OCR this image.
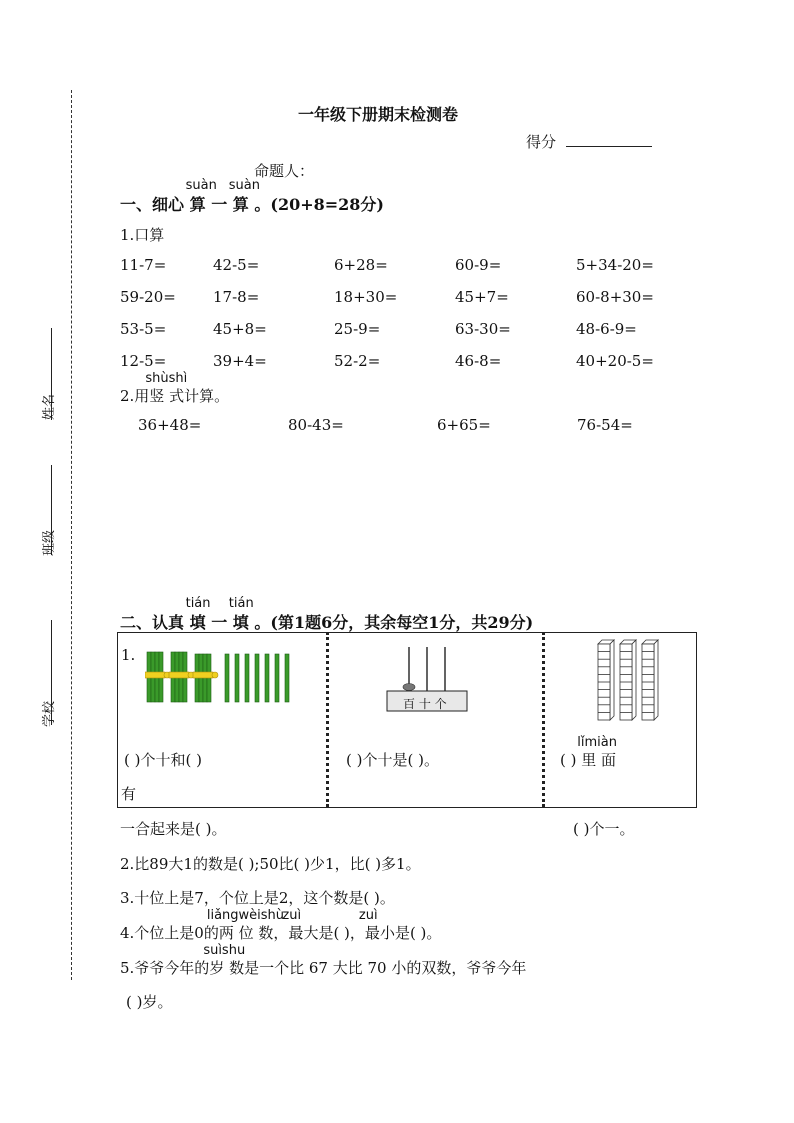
姓名
班级
学校
一年级下册期末检测卷
得分
命题人：
一、细心
suàn
算 一
suàn
算 。(20+8=28分)
1.口算
11-7=	42-5=	6+28=	60-9=	5+34-20=
59-20= 17-8=	18+30=	45+7=	60-8+30=
53-5=	45+8=	25-9=	63-30=	48-6-9=
12-5=	39+4=	52-2=	46-8=	40+20-5=
2.用
shùshì
竖 式计算。
36+48=	80-43=	6+65=	76-54=
二、认真
tián
填 一
tián
填 。(第1题6分，其余每空1分，共29分)
1.
百 十 个
( )个十和( )
有
( )个十是( )。	( )
lǐmiàn
里 面
一合起来是( )。	( )个一。
2.比89大1的数是( );50比( )少1，比( )多1。
3.十位上是7，个位上是2，这个数是( )。
4.个位上是0的
liǎngwèishù
两 位 数，
zuì
最大是( )，
zuì
最小是( )。
5.爷爷今年的
suìshu
岁 数是一个比 67 大比 70 小的双数，爷爷今年
( )岁。
